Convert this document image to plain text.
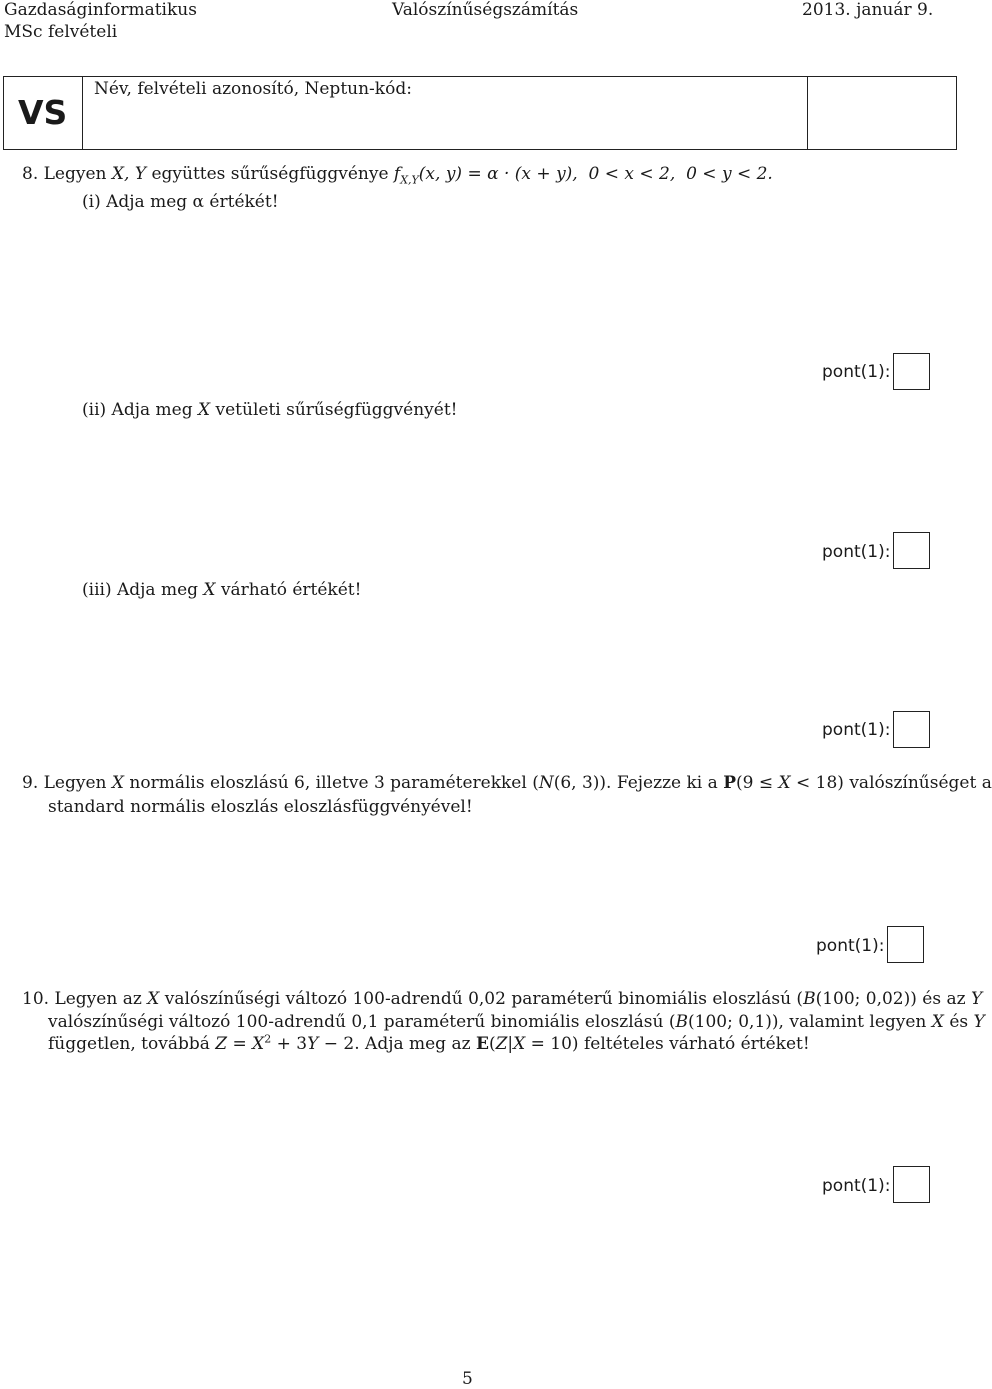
Gazdaságinformatikus
MSc felvételi
Valószínűségszámítás	2013. január 9.
VS
Név, felvételi azonosító, Neptun-kód:
8. Legyen X, Y együttes sűrűségfüggvénye $f_{X,Y}(x$, y) = α · (x + y), 0 < x < 2, 0 < y < 2.
(i) Adja meg α értékét!
pont(1):
(ii) Adja meg X vetületi sűrűségfüggvényét!
pont(1):
(iii) Adja meg X várható értékét!
pont(1):
9. Legyen X normális eloszlású 6, illetve 3 paraméterekkel (N(6, 3)). Fejezze ki a P(9 ≤ X < 18) valószínűséget a
standard normális eloszlás eloszlásfüggvényével!
pont(1):
10. Legyen az X valószínűségi változó 100-adrendű 0,02 paraméterű binomiális eloszlású (B(100; 0,02)) és az Y
valószínűségi változó 100-adrendű 0,1 paraméterű binomiális eloszlású (B(100; 0,1)), valamint legyen X és Y
független, továbbá $Z = X^2 + 3Y - 2$. Adja meg az E(Z|X = 10) feltételes várható értéket!
pont(1):
5
